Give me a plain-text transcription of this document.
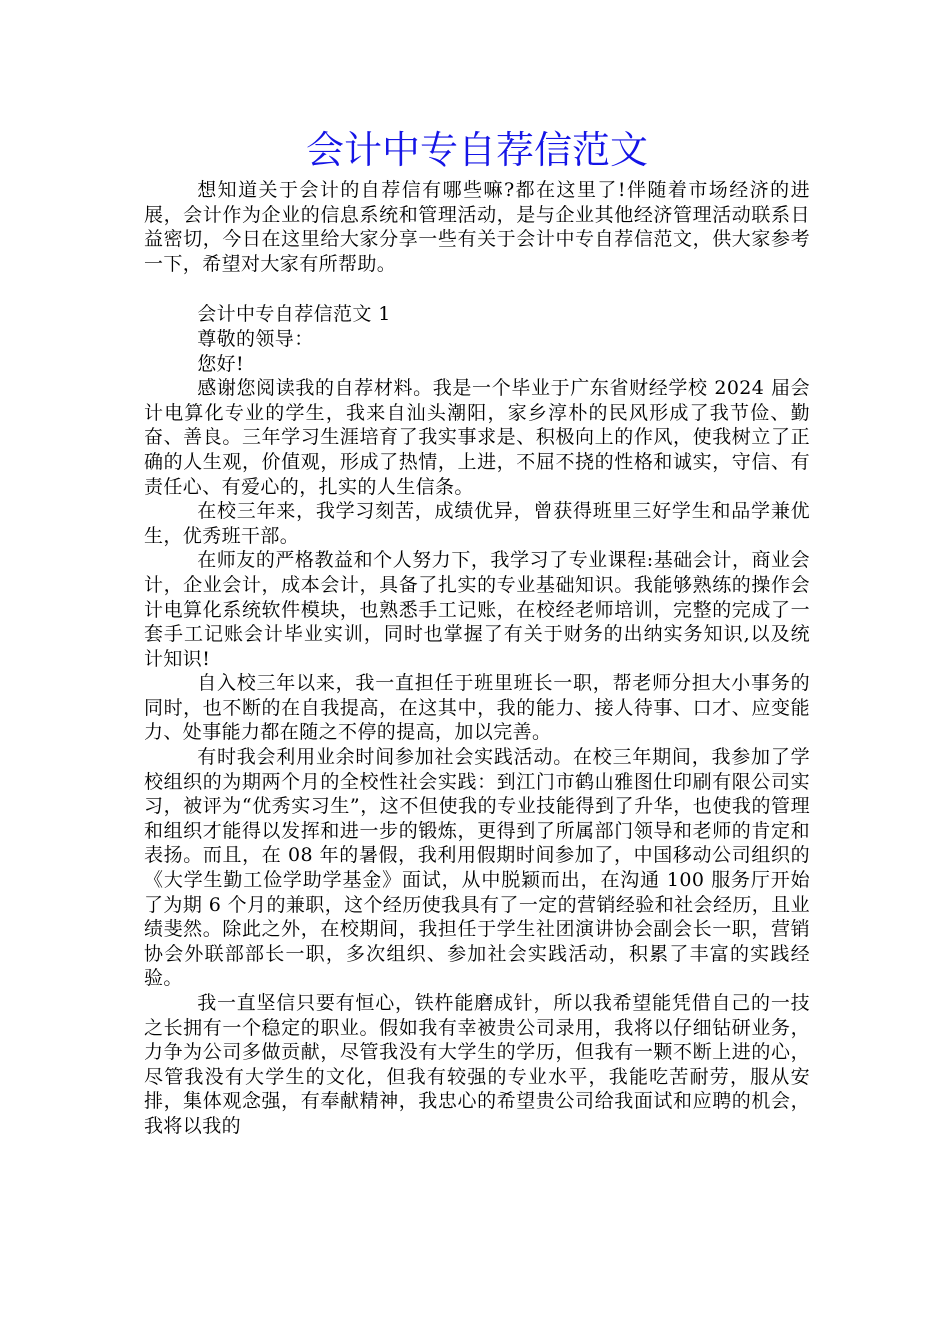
会计中专自荐信范文

想知道关于会计的自荐信有哪些嘛?都在这里了!伴随着市场经济的进展，会计作为企业的信息系统和管理活动，是与企业其他经济管理活动联系日益密切，今日在这里给大家分享一些有关于会计中专自荐信范文，供大家参考一下，希望对大家有所帮助。

会计中专自荐信范文 1

尊敬的领导：

您好!

感谢您阅读我的自荐材料。我是一个毕业于广东省财经学校 2024 届会计电算化专业的学生，我来自汕头潮阳，家乡淳朴的民风形成了我节俭、勤奋、善良。三年学习生涯培育了我实事求是、积极向上的作风，使我树立了正确的人生观，价值观，形成了热情，上进，不屈不挠的性格和诚实，守信、有责任心、有爱心的，扎实的人生信条。

在校三年来，我学习刻苦，成绩优异，曾获得班里三好学生和品学兼优生，优秀班干部。

在师友的严格教益和个人努力下，我学习了专业课程:基础会计，商业会计，企业会计，成本会计，具备了扎实的专业基础知识。我能够熟练的操作会计电算化系统软件模块，也熟悉手工记账，在校经老师培训，完整的完成了一套手工记账会计毕业实训，同时也掌握了有关于财务的出纳实务知识,以及统计知识!

自入校三年以来，我一直担任于班里班长一职，帮老师分担大小事务的同时，也不断的在自我提高，在这其中，我的能力、接人待事、口才、应变能力、处事能力都在随之不停的提高，加以完善。

有时我会利用业余时间参加社会实践活动。在校三年期间，我参加了学校组织的为期两个月的全校性社会实践：到江门市鹤山雅图仕印刷有限公司实习，被评为“优秀实习生”，这不但使我的专业技能得到了升华，也使我的管理和组织才能得以发挥和进一步的锻炼，更得到了所属部门领导和老师的肯定和表扬。而且，在 08 年的暑假，我利用假期时间参加了，中国移动公司组织的《大学生勤工俭学助学基金》面试，从中脱颖而出，在沟通 100 服务厅开始了为期 6 个月的兼职，这个经历使我具有了一定的营销经验和社会经历，且业绩斐然。除此之外，在校期间，我担任于学生社团演讲协会副会长一职，营销协会外联部部长一职，多次组织、参加社会实践活动，积累了丰富的实践经验。

我一直坚信只要有恒心，铁杵能磨成针，所以我希望能凭借自己的一技之长拥有一个稳定的职业。假如我有幸被贵公司录用，我将以仔细钻研业务，力争为公司多做贡献，尽管我没有大学生的学历，但我有一颗不断上进的心，尽管我没有大学生的文化，但我有较强的专业水平，我能吃苦耐劳，服从安排，集体观念强，有奉献精神，我忠心的希望贵公司给我面试和应聘的机会，我将以我的
